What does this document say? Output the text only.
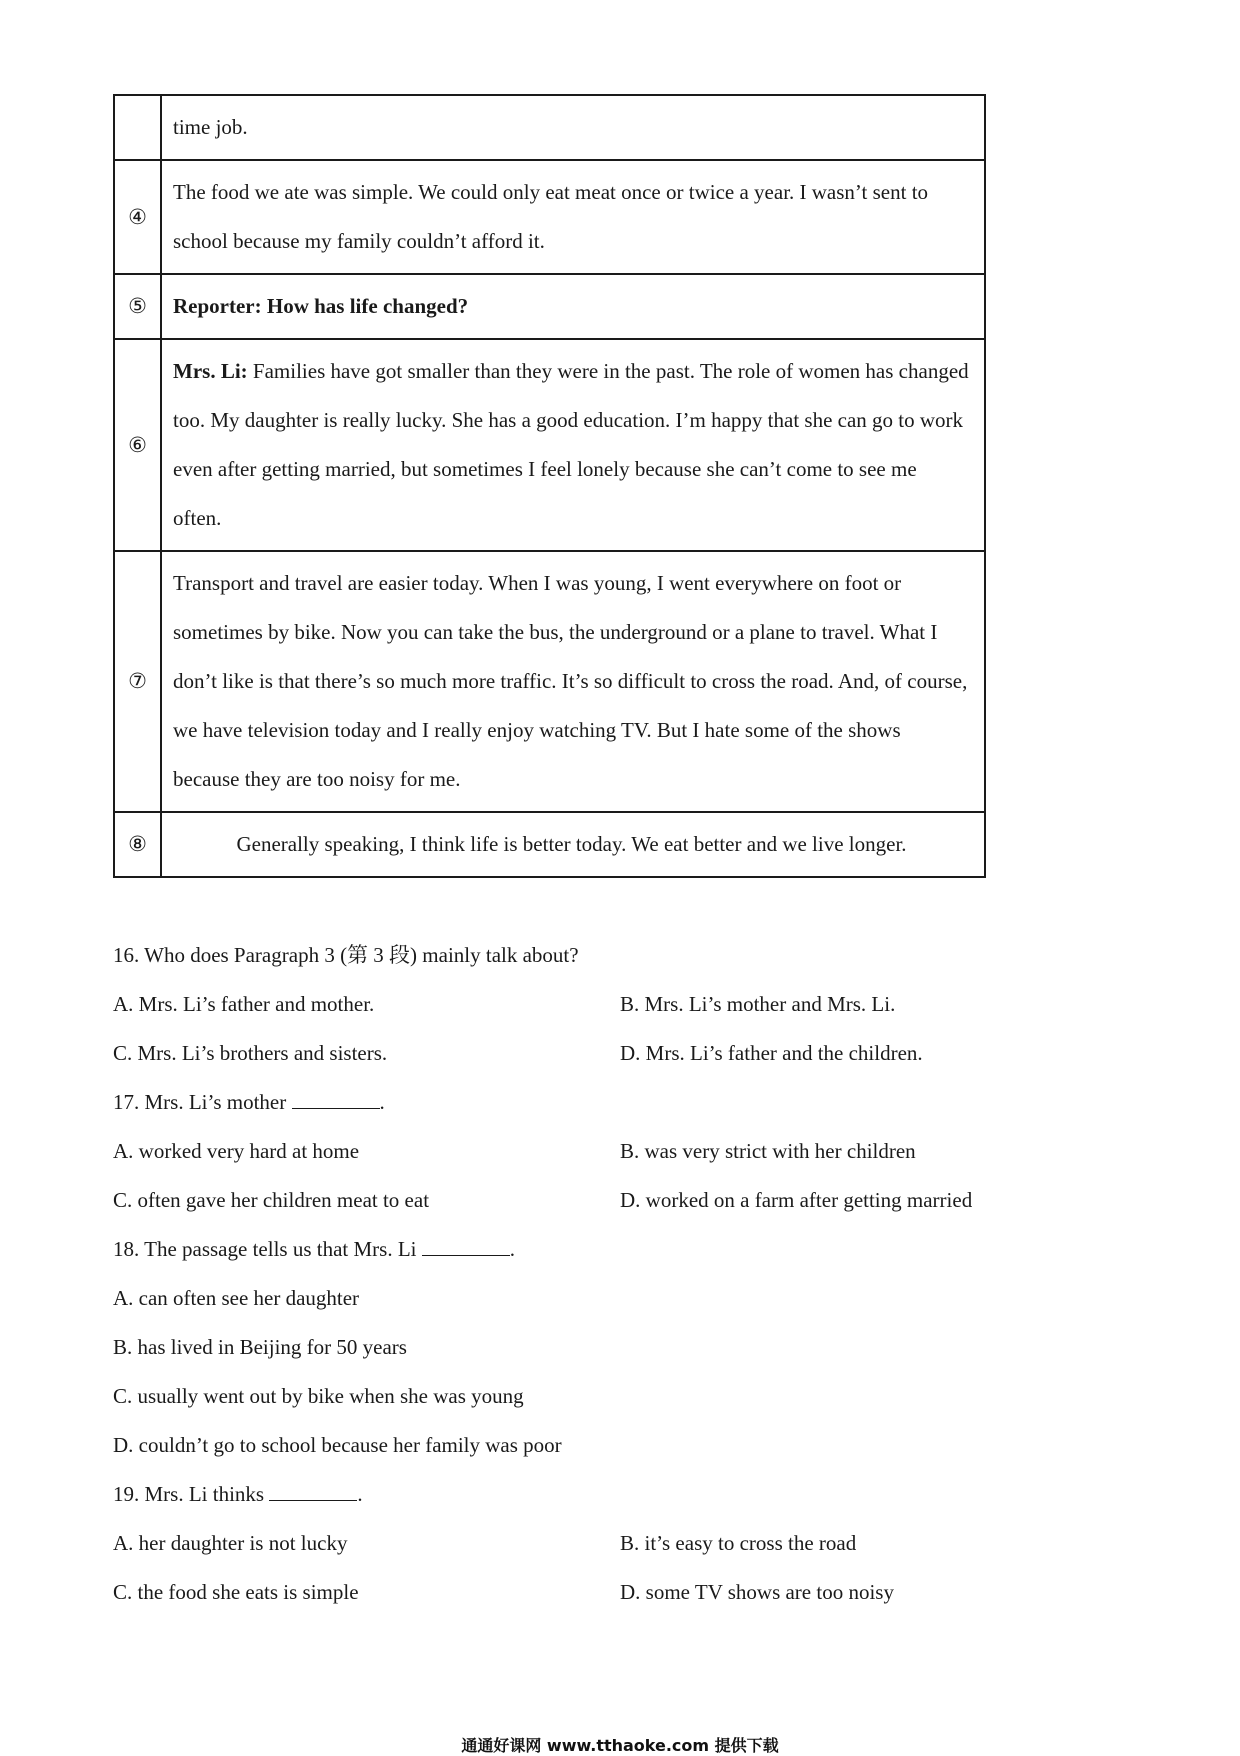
	time job.
④	The food we ate was simple. We could only eat meat once or twice a year. I wasn’t sent to school because my family couldn’t afford it.
⑤	Reporter: How has life changed?
⑥	Mrs. Li: Families have got smaller than they were in the past. The role of women has changed too. My daughter is really lucky. She has a good education. I’m happy that she can go to work even after getting married, but sometimes I feel lonely because she can’t come to see me often.
⑦	Transport and travel are easier today. When I was young, I went everywhere on foot or sometimes by bike. Now you can take the bus, the underground or a plane to travel. What I don’t like is that there’s so much more traffic. It’s so difficult to cross the road. And, of course, we have television today and I really enjoy watching TV. But I hate some of the shows because they are too noisy for me.
⑧	Generally speaking, I think life is better today. We eat better and we live longer.
16. Who does Paragraph 3 (第 3 段) mainly talk about?
A. Mrs. Li’s father and mother.	B. Mrs. Li’s mother and Mrs. Li.
C. Mrs. Li’s brothers and sisters.	D. Mrs. Li’s father and the children.
17. Mrs. Li’s mother	.
A. worked very hard at home	B. was very strict with her children
C. often gave her children meat to eat	D. worked on a farm after getting married
18. The passage tells us that Mrs. Li	.
A. can often see her daughter
B. has lived in Beijing for 50 years
C. usually went out by bike when she was young
D. couldn’t go to school because her family was poor
19. Mrs. Li thinks	.
A. her daughter is not lucky	B. it’s easy to cross the road
C. the food she eats is simple	D. some TV shows are too noisy
通通好课网 www.tthaoke.com 提供下载
